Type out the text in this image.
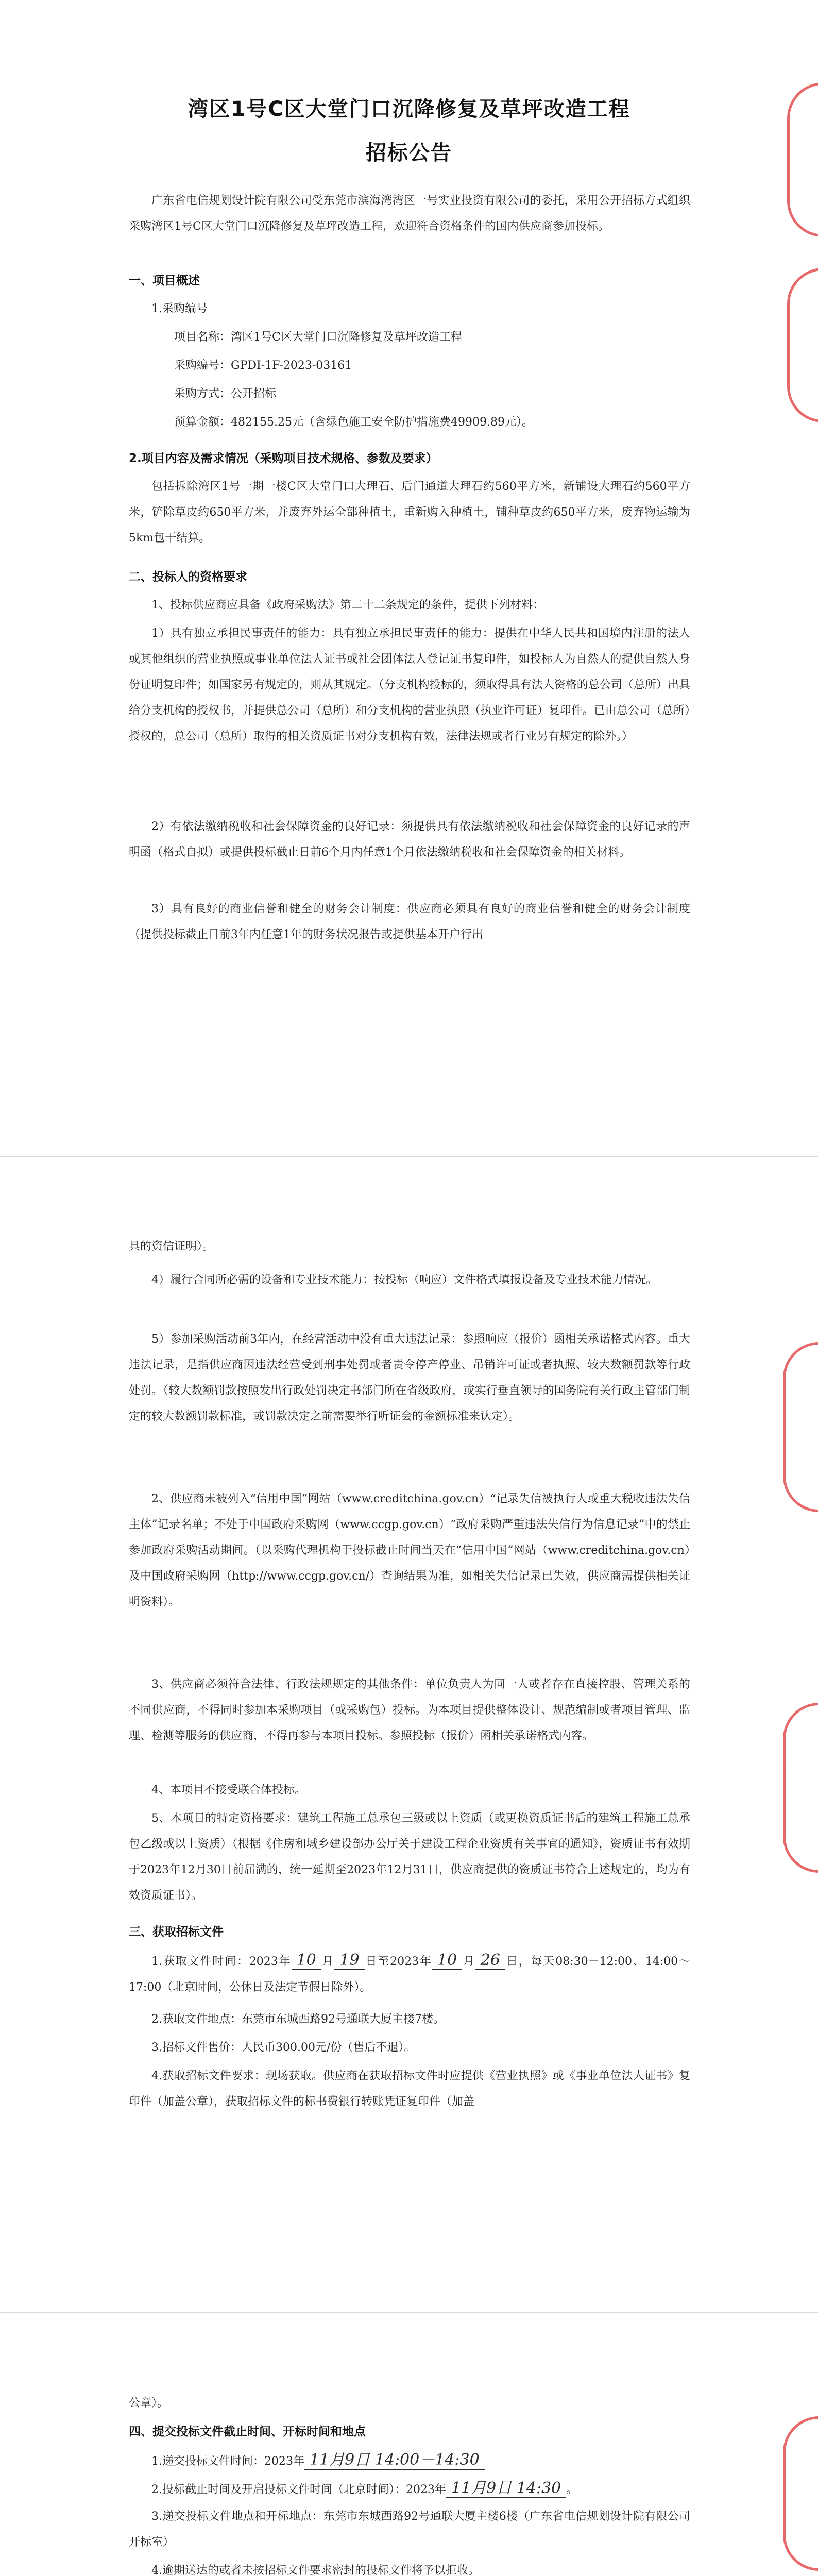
湾区1号C区大堂门口沉降修复及草坪改造工程
招标公告
广东省电信规划设计院有限公司受东莞市滨海湾湾区一号实业投资有限公司的委托，采用公开招标方式组织采购湾区1号C区大堂门口沉降修复及草坪改造工程，欢迎符合资格条件的国内供应商参加投标。
一、项目概述
1.采购编号
项目名称：湾区1号C区大堂门口沉降修复及草坪改造工程
采购编号：GPDI-1F-2023-03161
采购方式：公开招标
预算金额：482155.25元（含绿色施工安全防护措施费49909.89元）。
2.项目内容及需求情况（采购项目技术规格、参数及要求）
包括拆除湾区1号一期一楼C区大堂门口大理石、后门通道大理石约560平方米，新铺设大理石约560平方米，铲除草皮约650平方米，并废弃外运全部种植土，重新购入种植土，铺种草皮约650平方米，废弃物运输为5km包干结算。
二、投标人的资格要求
1、投标供应商应具备《政府采购法》第二十二条规定的条件，提供下列材料：
1）具有独立承担民事责任的能力：具有独立承担民事责任的能力：提供在中华人民共和国境内注册的法人或其他组织的营业执照或事业单位法人证书或社会团体法人登记证书复印件，如投标人为自然人的提供自然人身份证明复印件；如国家另有规定的，则从其规定。（分支机构投标的，须取得具有法人资格的总公司（总所）出具给分支机构的授权书，并提供总公司（总所）和分支机构的营业执照（执业许可证）复印件。已由总公司（总所）授权的，总公司（总所）取得的相关资质证书对分支机构有效，法律法规或者行业另有规定的除外。）
2）有依法缴纳税收和社会保障资金的良好记录：须提供具有依法缴纳税收和社会保障资金的良好记录的声明函（格式自拟）或提供投标截止日前6个月内任意1个月依法缴纳税收和社会保障资金的相关材料。
3）具有良好的商业信誉和健全的财务会计制度：供应商必须具有良好的商业信誉和健全的财务会计制度（提供投标截止日前3年内任意1年的财务状况报告或提供基本开户行出
具的资信证明）。
4）履行合同所必需的设备和专业技术能力：按投标（响应）文件格式填报设备及专业技术能力情况。
5）参加采购活动前3年内，在经营活动中没有重大违法记录：参照响应（报价）函相关承诺格式内容。重大违法记录，是指供应商因违法经营受到刑事处罚或者责令停产停业、吊销许可证或者执照、较大数额罚款等行政处罚。（较大数额罚款按照发出行政处罚决定书部门所在省级政府，或实行垂直领导的国务院有关行政主管部门制定的较大数额罚款标准，或罚款决定之前需要举行听证会的金额标准来认定）。
2、供应商未被列入“信用中国”网站（www.creditchina.gov.cn）“记录失信被执行人或重大税收违法失信主体”记录名单；不处于中国政府采购网（www.ccgp.gov.cn）“政府采购严重违法失信行为信息记录”中的禁止参加政府采购活动期间。（以采购代理机构于投标截止时间当天在“信用中国”网站（www.creditchina.gov.cn）及中国政府采购网（http://www.ccgp.gov.cn/）查询结果为准，如相关失信记录已失效，供应商需提供相关证明资料）。
3、供应商必须符合法律、行政法规规定的其他条件：单位负责人为同一人或者存在直接控股、管理关系的不同供应商，不得同时参加本采购项目（或采购包）投标。为本项目提供整体设计、规范编制或者项目管理、监理、检测等服务的供应商，不得再参与本项目投标。参照投标（报价）函相关承诺格式内容。
4、本项目不接受联合体投标。
5、本项目的特定资格要求：建筑工程施工总承包三级或以上资质（或更换资质证书后的建筑工程施工总承包乙级或以上资质）（根据《住房和城乡建设部办公厅关于建设工程企业资质有关事宜的通知》，资质证书有效期于2023年12月30日前届满的，统一延期至2023年12月31日，供应商提供的资质证书符合上述规定的，均为有效资质证书）。
三、获取招标文件
1.获取文件时间：2023年 10 月 19 日至2023年 10 月 26 日，每天08:30－12:00、14:00～17:00（北京时间，公休日及法定节假日除外）。
2.获取文件地点：东莞市东城西路92号通联大厦主楼7楼。
3.招标文件售价：人民币300.00元/份（售后不退）。
4.获取招标文件要求：现场获取。供应商在获取招标文件时应提供《营业执照》或《事业单位法人证书》复印件（加盖公章），获取招标文件的标书费银行转账凭证复印件（加盖
公章）。
四、提交投标文件截止时间、开标时间和地点
1.递交投标文件时间：2023年 11月9日 14:00－14:30
2.投标截止时间及开启投标文件时间（北京时间）：2023年 11月9日 14:30 。
3.递交投标文件地点和开标地点：东莞市东城西路92号通联大厦主楼6楼（广东省电信规划设计院有限公司开标室）
4.逾期送达的或者未按招标文件要求密封的投标文件将予以拒收。
